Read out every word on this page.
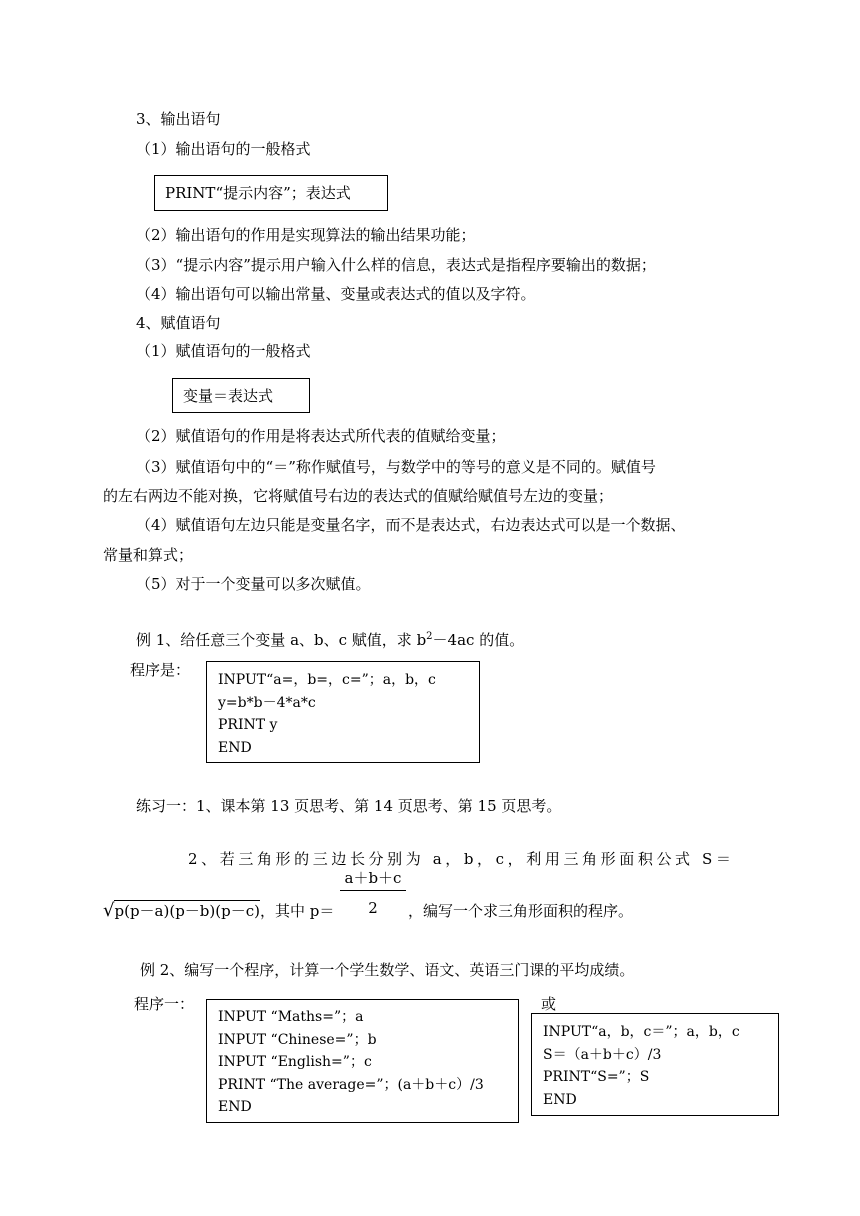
3、输出语句
（1）输出语句的一般格式
PRINT“提示内容”；表达式
（2）输出语句的作用是实现算法的输出结果功能；
（3）“提示内容”提示用户输入什么样的信息，表达式是指程序要输出的数据；
（4）输出语句可以输出常量、变量或表达式的值以及字符。
4、赋值语句
（1）赋值语句的一般格式
变量＝表达式
（2）赋值语句的作用是将表达式所代表的值赋给变量；
（3）赋值语句中的“＝”称作赋值号，与数学中的等号的意义是不同的。赋值号
的左右两边不能对换，它将赋值号右边的表达式的值赋给赋值号左边的变量；
（4）赋值语句左边只能是变量名字，而不是表达式，右边表达式可以是一个数据、
常量和算式；
（5）对于一个变量可以多次赋值。
例 1、给任意三个变量 a、b、c 赋值，求 $b^2-4ac$ 的值。
程序是：
INPUT“a=，b=，c=”；a，b，c
y=b*b－4*a*c
PRINT y
END
练习一：1、课本第 13 页思考、第 14 页思考、第 15 页思考。
2、若三角形的三边长分别为 a，b，c，利用三角形面积公式 S＝
√p(p－a)(p－b)(p－c)，其中 $p= \frac{a+b+c}{2}$ ，编写一个求三角形面积的程序。
例 2、编写一个程序，计算一个学生数学、语文、英语三门课的平均成绩。
程序一：	或
INPUT “Maths=”；a
INPUT “Chinese=”；b
INPUT “English=”；c
PRINT “The average=”；(a＋b＋c）/3
END
INPUT“a，b，c＝”；a，b，c
S＝（a＋b＋c）/3
PRINT“S=”；S
END
